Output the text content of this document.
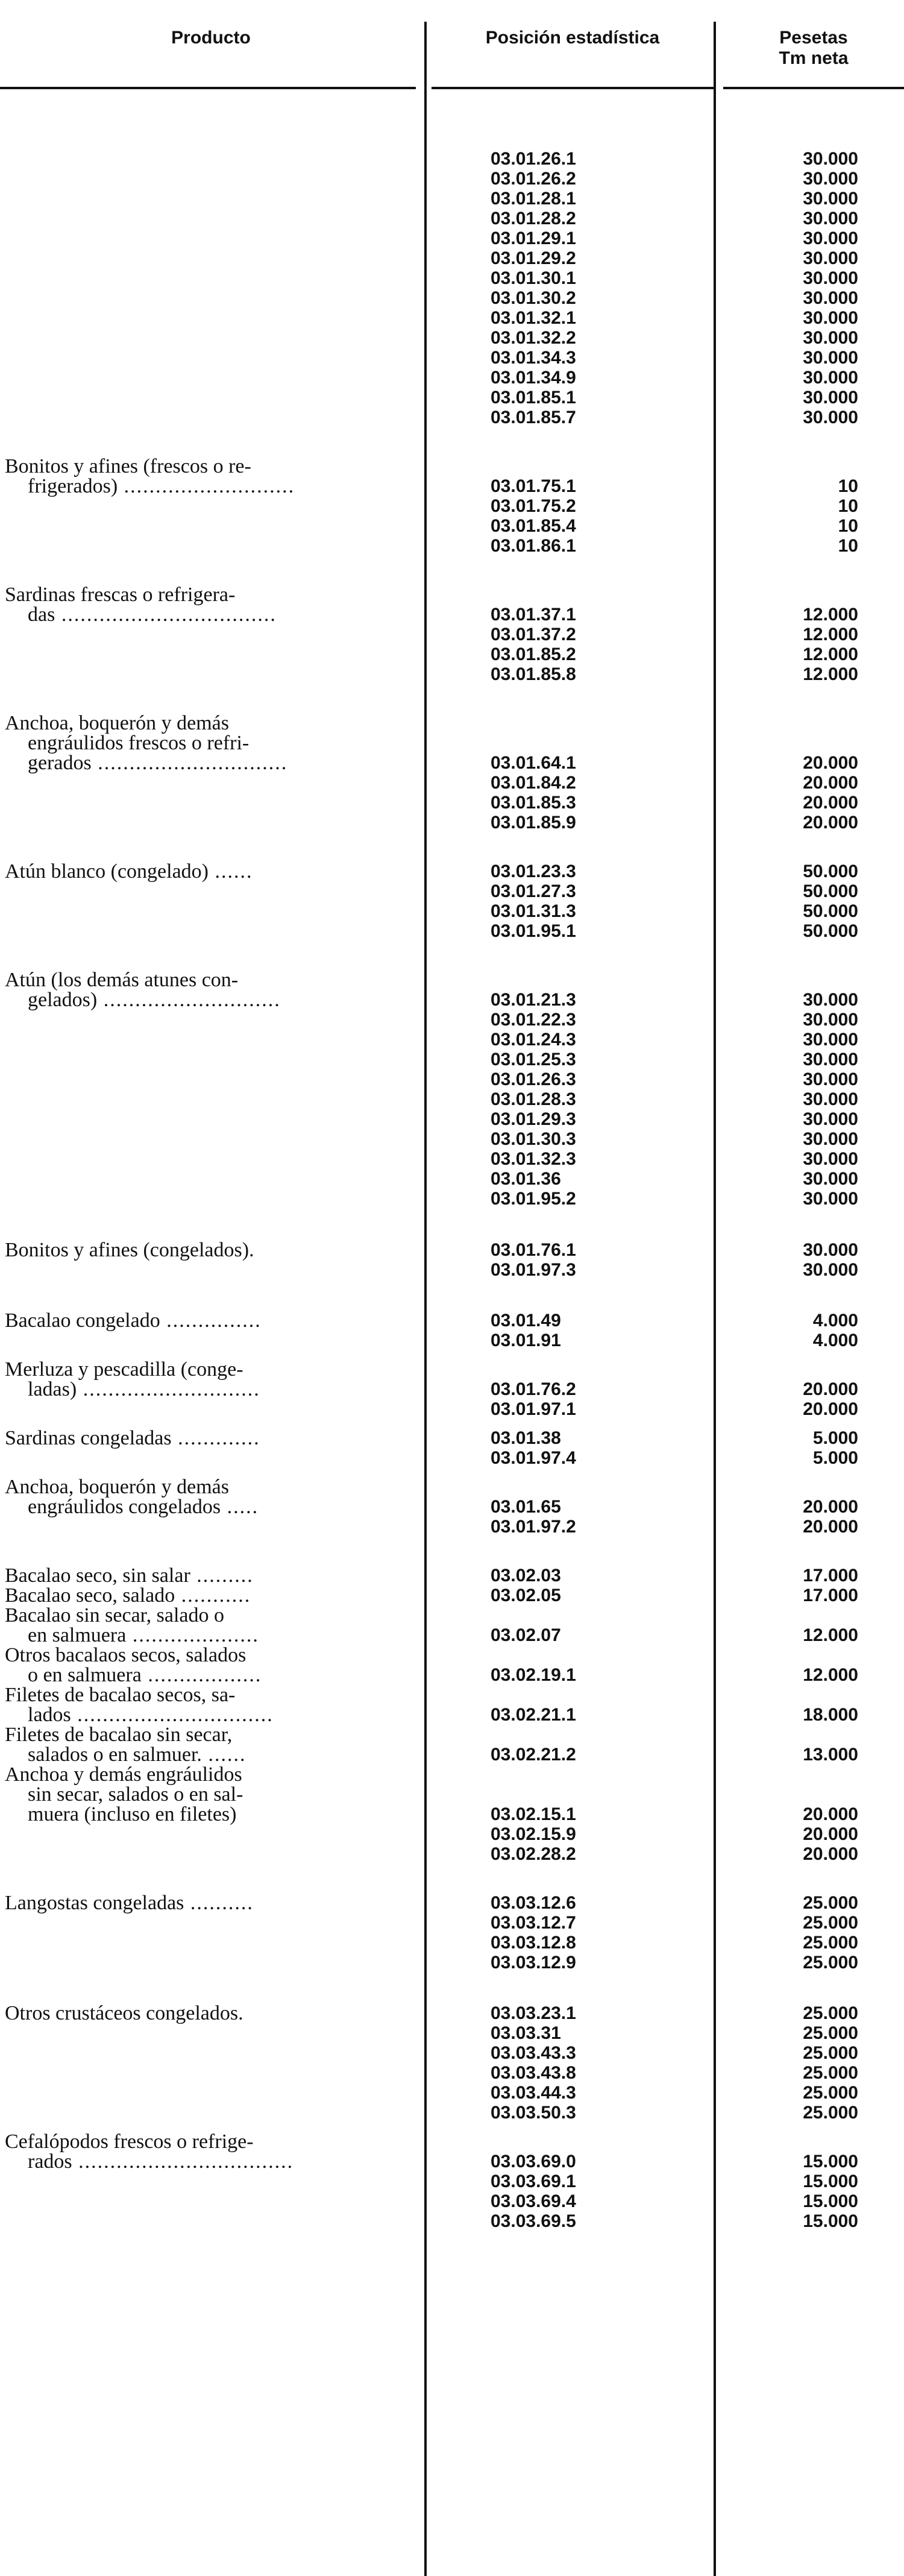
Producto	Posición estadística	Pesetas
Tm neta
03.01.26.1	30.000
03.01.26.2	30.000
03.01.28.1	30.000
03.01.28.2	30.000
03.01.29.1	30.000
03.01.29.2	30.000
03.01.30.1	30.000
03.01.30.2	30.000
03.01.32.1	30.000
03.01.32.2	30.000
03.01.34.3	30.000
03.01.34.9	30.000
03.01.85.1	30.000
03.01.85.7	30.000
Bonitos y afines (frescos o re-
frigerados) ...........................	03.01.75.1	10
03.01.75.2	10
03.01.85.4	10
03.01.86.1	10
Sardinas frescas o refrigera-
das ..................................	03.01.37.1	12.000
03.01.37.2	12.000
03.01.85.2	12.000
03.01.85.8	12.000
Anchoa, boquerón y demás
engráulidos frescos o refri-
gerados ..............................	03.01.64.1	20.000
03.01.84.2	20.000
03.01.85.3	20.000
03.01.85.9	20.000
Atún blanco (congelado) ......	03.01.23.3	50.000
03.01.27.3	50.000
03.01.31.3	50.000
03.01.95.1	50.000
Atún (los demás atunes con-
gelados) ............................	03.01.21.3	30.000
03.01.22.3	30.000
03.01.24.3	30.000
03.01.25.3	30.000
03.01.26.3	30.000
03.01.28.3	30.000
03.01.29.3	30.000
03.01.30.3	30.000
03.01.32.3	30.000
03.01.36	30.000
03.01.95.2	30.000
Bonitos y afines (congelados).	03.01.76.1	30.000
03.01.97.3	30.000
Bacalao congelado ...............	03.01.49	4.000
03.01.91	4.000
Merluza y pescadilla (conge-
ladas) ............................	03.01.76.2	20.000
03.01.97.1	20.000
Sardinas congeladas .............	03.01.38	5.000
03.01.97.4	5.000
Anchoa, boquerón y demás
engráulidos congelados .....	03.01.65	20.000
03.01.97.2	20.000
Bacalao seco, sin salar .........	03.02.03	17.000
Bacalao seco, salado ...........	03.02.05	17.000
Bacalao sin secar, salado o
en salmuera ....................	03.02.07	12.000
Otros bacalaos secos, salados
o en salmuera ..................	03.02.19.1	12.000
Filetes de bacalao secos, sa-
lados ...............................	03.02.21.1	18.000
Filetes de bacalao sin secar,
salados o en salmuer. ......	03.02.21.2	13.000
Anchoa y demás engráulidos
sin secar, salados o en sal-
muera (incluso en filetes)	03.02.15.1	20.000
03.02.15.9	20.000
03.02.28.2	20.000
Langostas congeladas ..........	03.03.12.6	25.000
03.03.12.7	25.000
03.03.12.8	25.000
03.03.12.9	25.000
Otros crustáceos congelados.	03.03.23.1	25.000
03.03.31	25.000
03.03.43.3	25.000
03.03.43.8	25.000
03.03.44.3	25.000
03.03.50.3	25.000
Cefalópodos frescos o refrige-
rados ..................................	03.03.69.0	15.000
03.03.69.1	15.000
03.03.69.4	15.000
03.03.69.5	15.000
